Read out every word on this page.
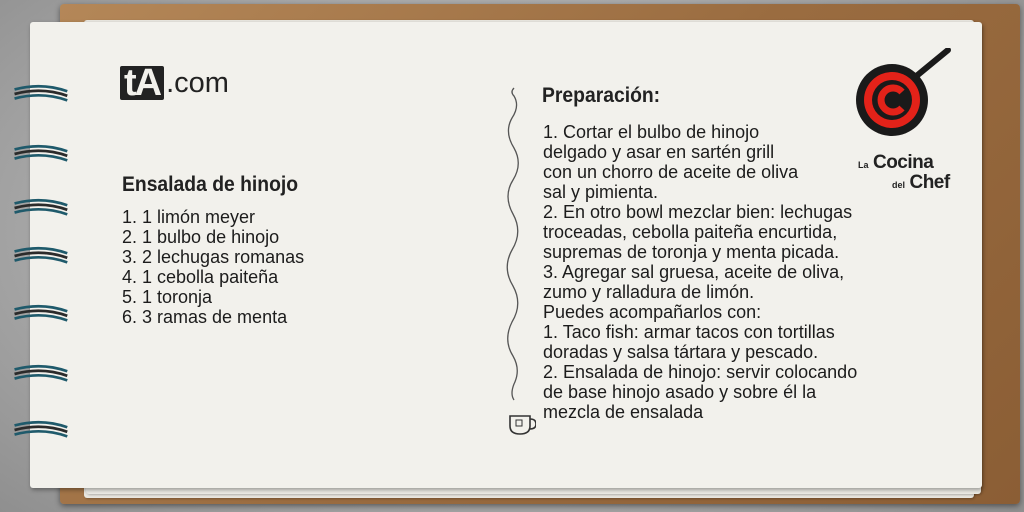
tA .com
Ensalada de hinojo
1. 1 limón meyer
2. 1 bulbo de hinojo
3. 2 lechugas romanas
4. 1 cebolla paiteña
5. 1 toronja
6. 3 ramas de menta
Preparación:
1. Cortar el bulbo de hinojo
delgado y asar en sartén grill
con un chorro de aceite de oliva
sal y pimienta.
2. En otro bowl mezclar bien: lechugas
troceadas, cebolla paiteña encurtida,
supremas de toronja y menta picada.
3. Agregar sal gruesa, aceite de oliva,
zumo y ralladura de limón.
Puedes acompañarlos con:
1. Taco fish: armar tacos con tortillas
doradas y salsa tártara y pescado.
2. Ensalada de hinojo: servir colocando
de base hinojo asado y sobre él la
mezcla de ensalada
La Cocina
del Chef
